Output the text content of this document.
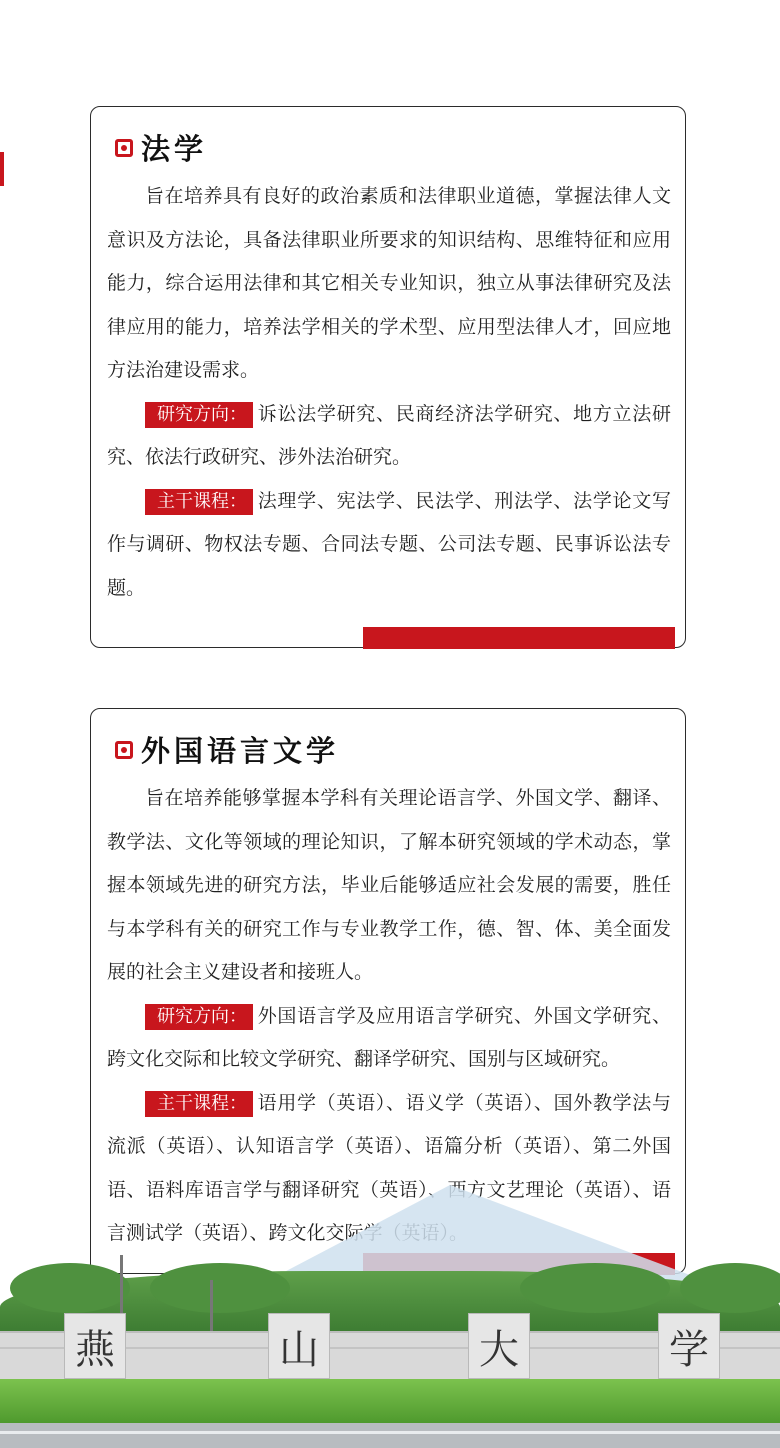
法学

旨在培养具有良好的政治素质和法律职业道德，掌握法律人文意识及方法论，具备法律职业所要求的知识结构、思维特征和应用能力，综合运用法律和其它相关专业知识，独立从事法律研究及法律应用的能力，培养法学相关的学术型、应用型法律人才，回应地方法治建设需求。

研究方向： 诉讼法学研究、民商经济法学研究、地方立法研究、依法行政研究、涉外法治研究。

主干课程： 法理学、宪法学、民法学、刑法学、法学论文写作与调研、物权法专题、合同法专题、公司法专题、民事诉讼法专题。

外国语言文学

旨在培养能够掌握本学科有关理论语言学、外国文学、翻译、教学法、文化等领域的理论知识，了解本研究领域的学术动态，掌握本领域先进的研究方法，毕业后能够适应社会发展的需要，胜任与本学科有关的研究工作与专业教学工作，德、智、体、美全面发展的社会主义建设者和接班人。

研究方向： 外国语言学及应用语言学研究、外国文学研究、跨文化交际和比较文学研究、翻译学研究、国别与区域研究。

主干课程： 语用学（英语）、语义学（英语）、国外教学法与流派（英语）、认知语言学（英语）、语篇分析（英语）、第二外国语、语料库语言学与翻译研究（英语）、西方文艺理论（英语）、语言测试学（英语）、跨文化交际学（英语）。

燕	山	大	学
